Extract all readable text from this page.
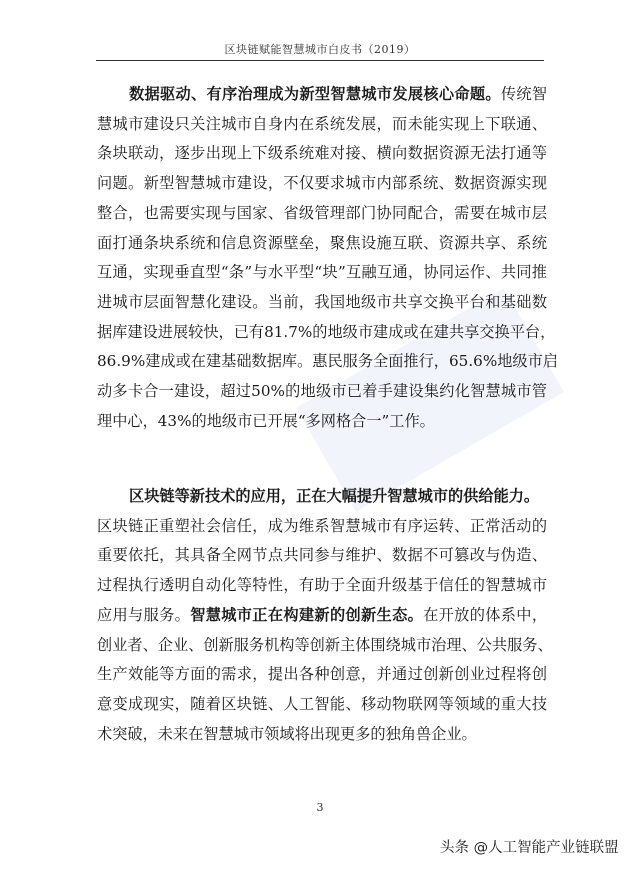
区块链赋能智慧城市白皮书（2019）
数据驱动、有序治理成为新型智慧城市发展核心命题。传统智
慧城市建设只关注城市自身内在系统发展，而未能实现上下联通、
条块联动，逐步出现上下级系统难对接、横向数据资源无法打通等
问题。新型智慧城市建设，不仅要求城市内部系统、数据资源实现
整合，也需要实现与国家、省级管理部门协同配合，需要在城市层
面打通条块系统和信息资源壁垒，聚焦设施互联、资源共享、系统
互通，实现垂直型“条”与水平型“块”互融互通，协同运作、共同推
进城市层面智慧化建设。当前，我国地级市共享交换平台和基础数
据库建设进展较快，已有81.7%的地级市建成或在建共享交换平台，
86.9%建成或在建基础数据库。惠民服务全面推行，65.6%地级市启
动多卡合一建设，超过50%的地级市已着手建设集约化智慧城市管
理中心，43%的地级市已开展“多网格合一”工作。
区块链等新技术的应用，正在大幅提升智慧城市的供给能力。
区块链正重塑社会信任，成为维系智慧城市有序运转、正常活动的
重要依托，其具备全网节点共同参与维护、数据不可篡改与伪造、
过程执行透明自动化等特性，有助于全面升级基于信任的智慧城市
应用与服务。智慧城市正在构建新的创新生态。在开放的体系中，
创业者、企业、创新服务机构等创新主体围绕城市治理、公共服务、
生产效能等方面的需求，提出各种创意，并通过创新创业过程将创
意变成现实，随着区块链、人工智能、移动物联网等领域的重大技
术突破，未来在智慧城市领域将出现更多的独角兽企业。
3
头条 @人工智能产业链联盟
